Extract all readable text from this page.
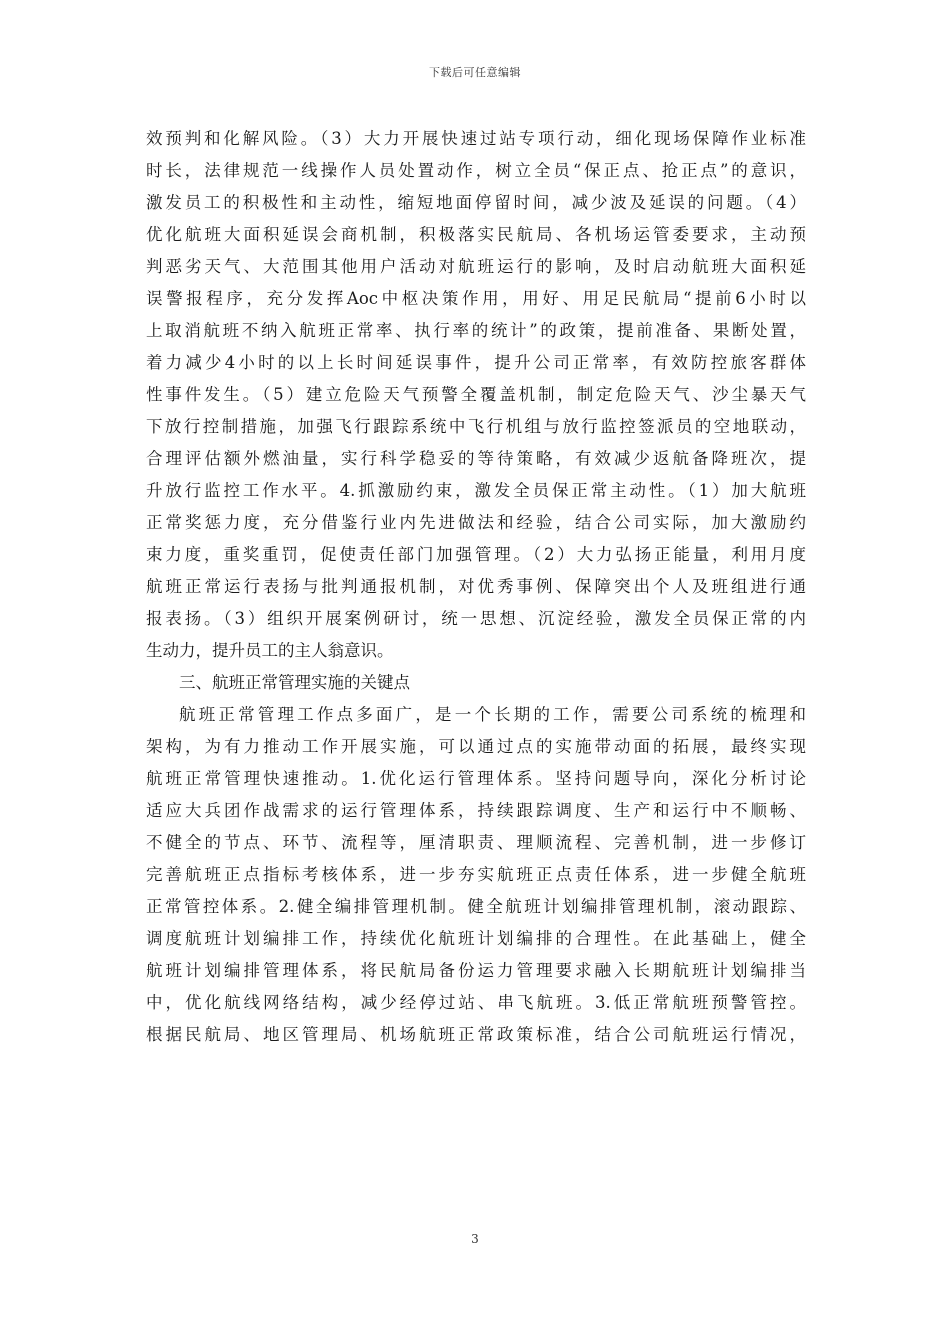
下载后可任意编辑
效预判和化解风险。（3）大力开展快速过站专项行动，细化现场保障作业标准
时长，法律规范一线操作人员处置动作，树立全员“保正点、抢正点”的意识，
激发员工的积极性和主动性，缩短地面停留时间，减少波及延误的问题。（4）
优化航班大面积延误会商机制，积极落实民航局、各机场运管委要求，主动预
判恶劣天气、大范围其他用户活动对航班运行的影响，及时启动航班大面积延
误警报程序，充分发挥Aoc中枢决策作用，用好、用足民航局“提前6小时以
上取消航班不纳入航班正常率、执行率的统计”的政策，提前准备、果断处置，
着力减少4小时的以上长时间延误事件，提升公司正常率，有效防控旅客群体
性事件发生。（5）建立危险天气预警全覆盖机制，制定危险天气、沙尘暴天气
下放行控制措施，加强飞行跟踪系统中飞行机组与放行监控签派员的空地联动，
合理评估额外燃油量，实行科学稳妥的等待策略，有效减少返航备降班次，提
升放行监控工作水平。4.抓激励约束，激发全员保正常主动性。（1）加大航班
正常奖惩力度，充分借鉴行业内先进做法和经验，结合公司实际，加大激励约
束力度，重奖重罚，促使责任部门加强管理。（2）大力弘扬正能量，利用月度
航班正常运行表扬与批判通报机制，对优秀事例、保障突出个人及班组进行通
报表扬。（3）组织开展案例研讨，统一思想、沉淀经验，激发全员保正常的内
生动力，提升员工的主人翁意识。
三、航班正常管理实施的关键点
航班正常管理工作点多面广，是一个长期的工作，需要公司系统的梳理和
架构，为有力推动工作开展实施，可以通过点的实施带动面的拓展，最终实现
航班正常管理快速推动。1.优化运行管理体系。坚持问题导向，深化分析讨论
适应大兵团作战需求的运行管理体系，持续跟踪调度、生产和运行中不顺畅、
不健全的节点、环节、流程等，厘清职责、理顺流程、完善机制，进一步修订
完善航班正点指标考核体系，进一步夯实航班正点责任体系，进一步健全航班
正常管控体系。2.健全编排管理机制。健全航班计划编排管理机制，滚动跟踪、
调度航班计划编排工作，持续优化航班计划编排的合理性。在此基础上，健全
航班计划编排管理体系，将民航局备份运力管理要求融入长期航班计划编排当
中，优化航线网络结构，减少经停过站、串飞航班。3.低正常航班预警管控。
根据民航局、地区管理局、机场航班正常政策标准，结合公司航班运行情况，
3
